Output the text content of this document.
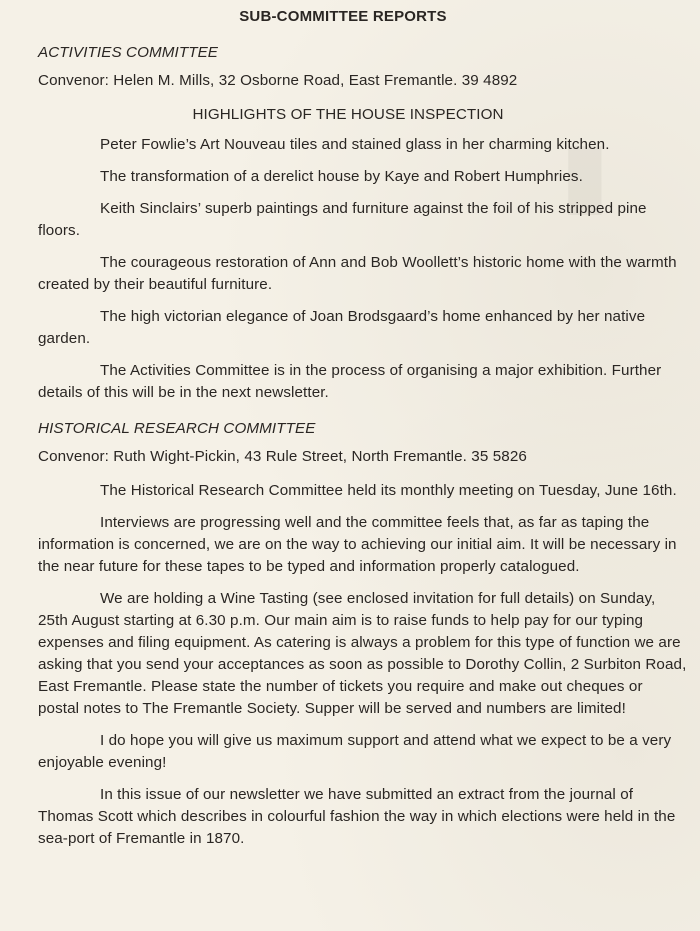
▮
SUB-COMMITTEE REPORTS
ACTIVITIES COMMITTEE
Convenor: Helen M. Mills, 32 Osborne Road, East Fremantle. 39 4892
HIGHLIGHTS OF THE HOUSE INSPECTION

Peter Fowlie’s Art Nouveau tiles and stained glass in her charming kitchen.

The transformation of a derelict house by Kaye and Robert Humphries.

Keith Sinclairs’ superb paintings and furniture against the foil of his stripped pine floors.

The courageous restoration of Ann and Bob Woollett’s historic home with the warmth created by their beautiful furniture.

The high victorian elegance of Joan Brodsgaard’s home enhanced by her native garden.

The Activities Committee is in the process of organising a major exhibition. Further details of this will be in the next newsletter.

HISTORICAL RESEARCH COMMITTEE
Convenor: Ruth Wight-Pickin, 43 Rule Street, North Fremantle. 35 5826

The Historical Research Committee held its monthly meeting on Tuesday, June 16th.

Interviews are progressing well and the committee feels that, as far as taping the information is concerned, we are on the way to achieving our initial aim. It will be necessary in the near future for these tapes to be typed and information properly catalogued.

We are holding a Wine Tasting (see enclosed invitation for full details) on Sunday, 25th August starting at 6.30 p.m. Our main aim is to raise funds to help pay for our typing expenses and filing equipment. As catering is always a problem for this type of function we are asking that you send your acceptances as soon as possible to Dorothy Collin, 2 Surbiton Road, East Fremantle. Please state the number of tickets you require and make out cheques or postal notes to The Fremantle Society. Supper will be served and numbers are limited!

I do hope you will give us maximum support and attend what we expect to be a very enjoyable evening!

In this issue of our newsletter we have submitted an extract from the journal of Thomas Scott which describes in colourful fashion the way in which elections were held in the sea-port of Fremantle in 1870.
